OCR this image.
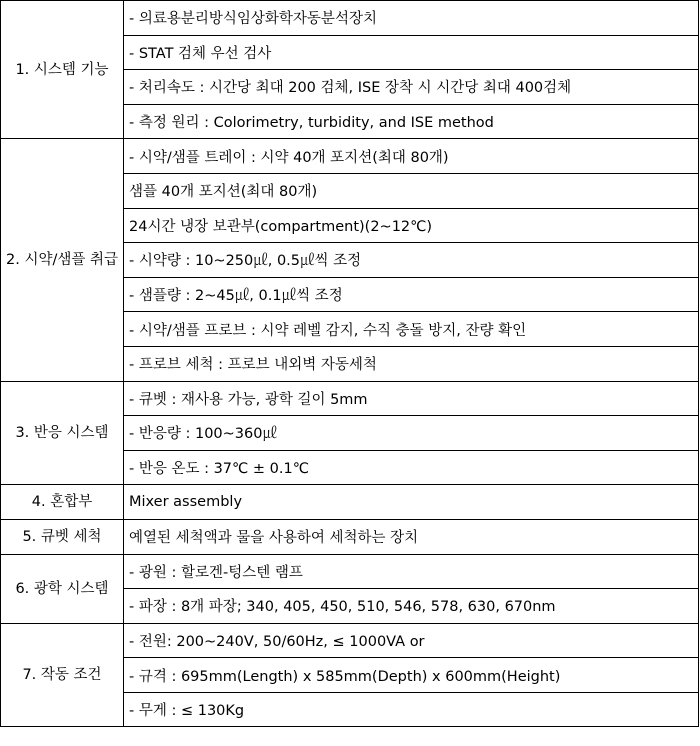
1. 시스템 기능	- 의료용분리방식임상화학자동분석장치
	- STAT 검체 우선 검사
	- 처리속도 : 시간당 최대 200 검체, ISE 장착 시 시간당 최대 400검체
	- 측정 원리 : Colorimetry, turbidity, and ISE method
2. 시약/샘플 취급	- 시약/샘플 트레이 : 시약 40개 포지션(최대 80개)
	샘플 40개 포지션(최대 80개)
	24시간 냉장 보관부(compartment)(2~12℃)
	- 시약량 : 10~250㎕, 0.5㎕씩 조정
	- 샘플량 : 2~45㎕, 0.1㎕씩 조정
	- 시약/샘플 프로브 : 시약 레벨 감지, 수직 충돌 방지, 잔량 확인
	- 프로브 세척 : 프로브 내외벽 자동세척
3. 반응 시스템	- 큐벳 : 재사용 가능, 광학 길이 5mm
	- 반응량 : 100~360㎕
	- 반응 온도 : 37℃ ± 0.1℃
4. 혼합부	Mixer assembly
5. 큐벳 세척	예열된 세척액과 물을 사용하여 세척하는 장치
6. 광학 시스템	- 광원 : 할로겐-텅스텐 램프
	- 파장 : 8개 파장; 340, 405, 450, 510, 546, 578, 630, 670nm
7. 작동 조건	- 전원: 200~240V, 50/60Hz, ≤ 1000VA or
	- 규격 : 695mm(Length) x 585mm(Depth) x 600mm(Height)
	- 무게 : ≤ 130Kg
